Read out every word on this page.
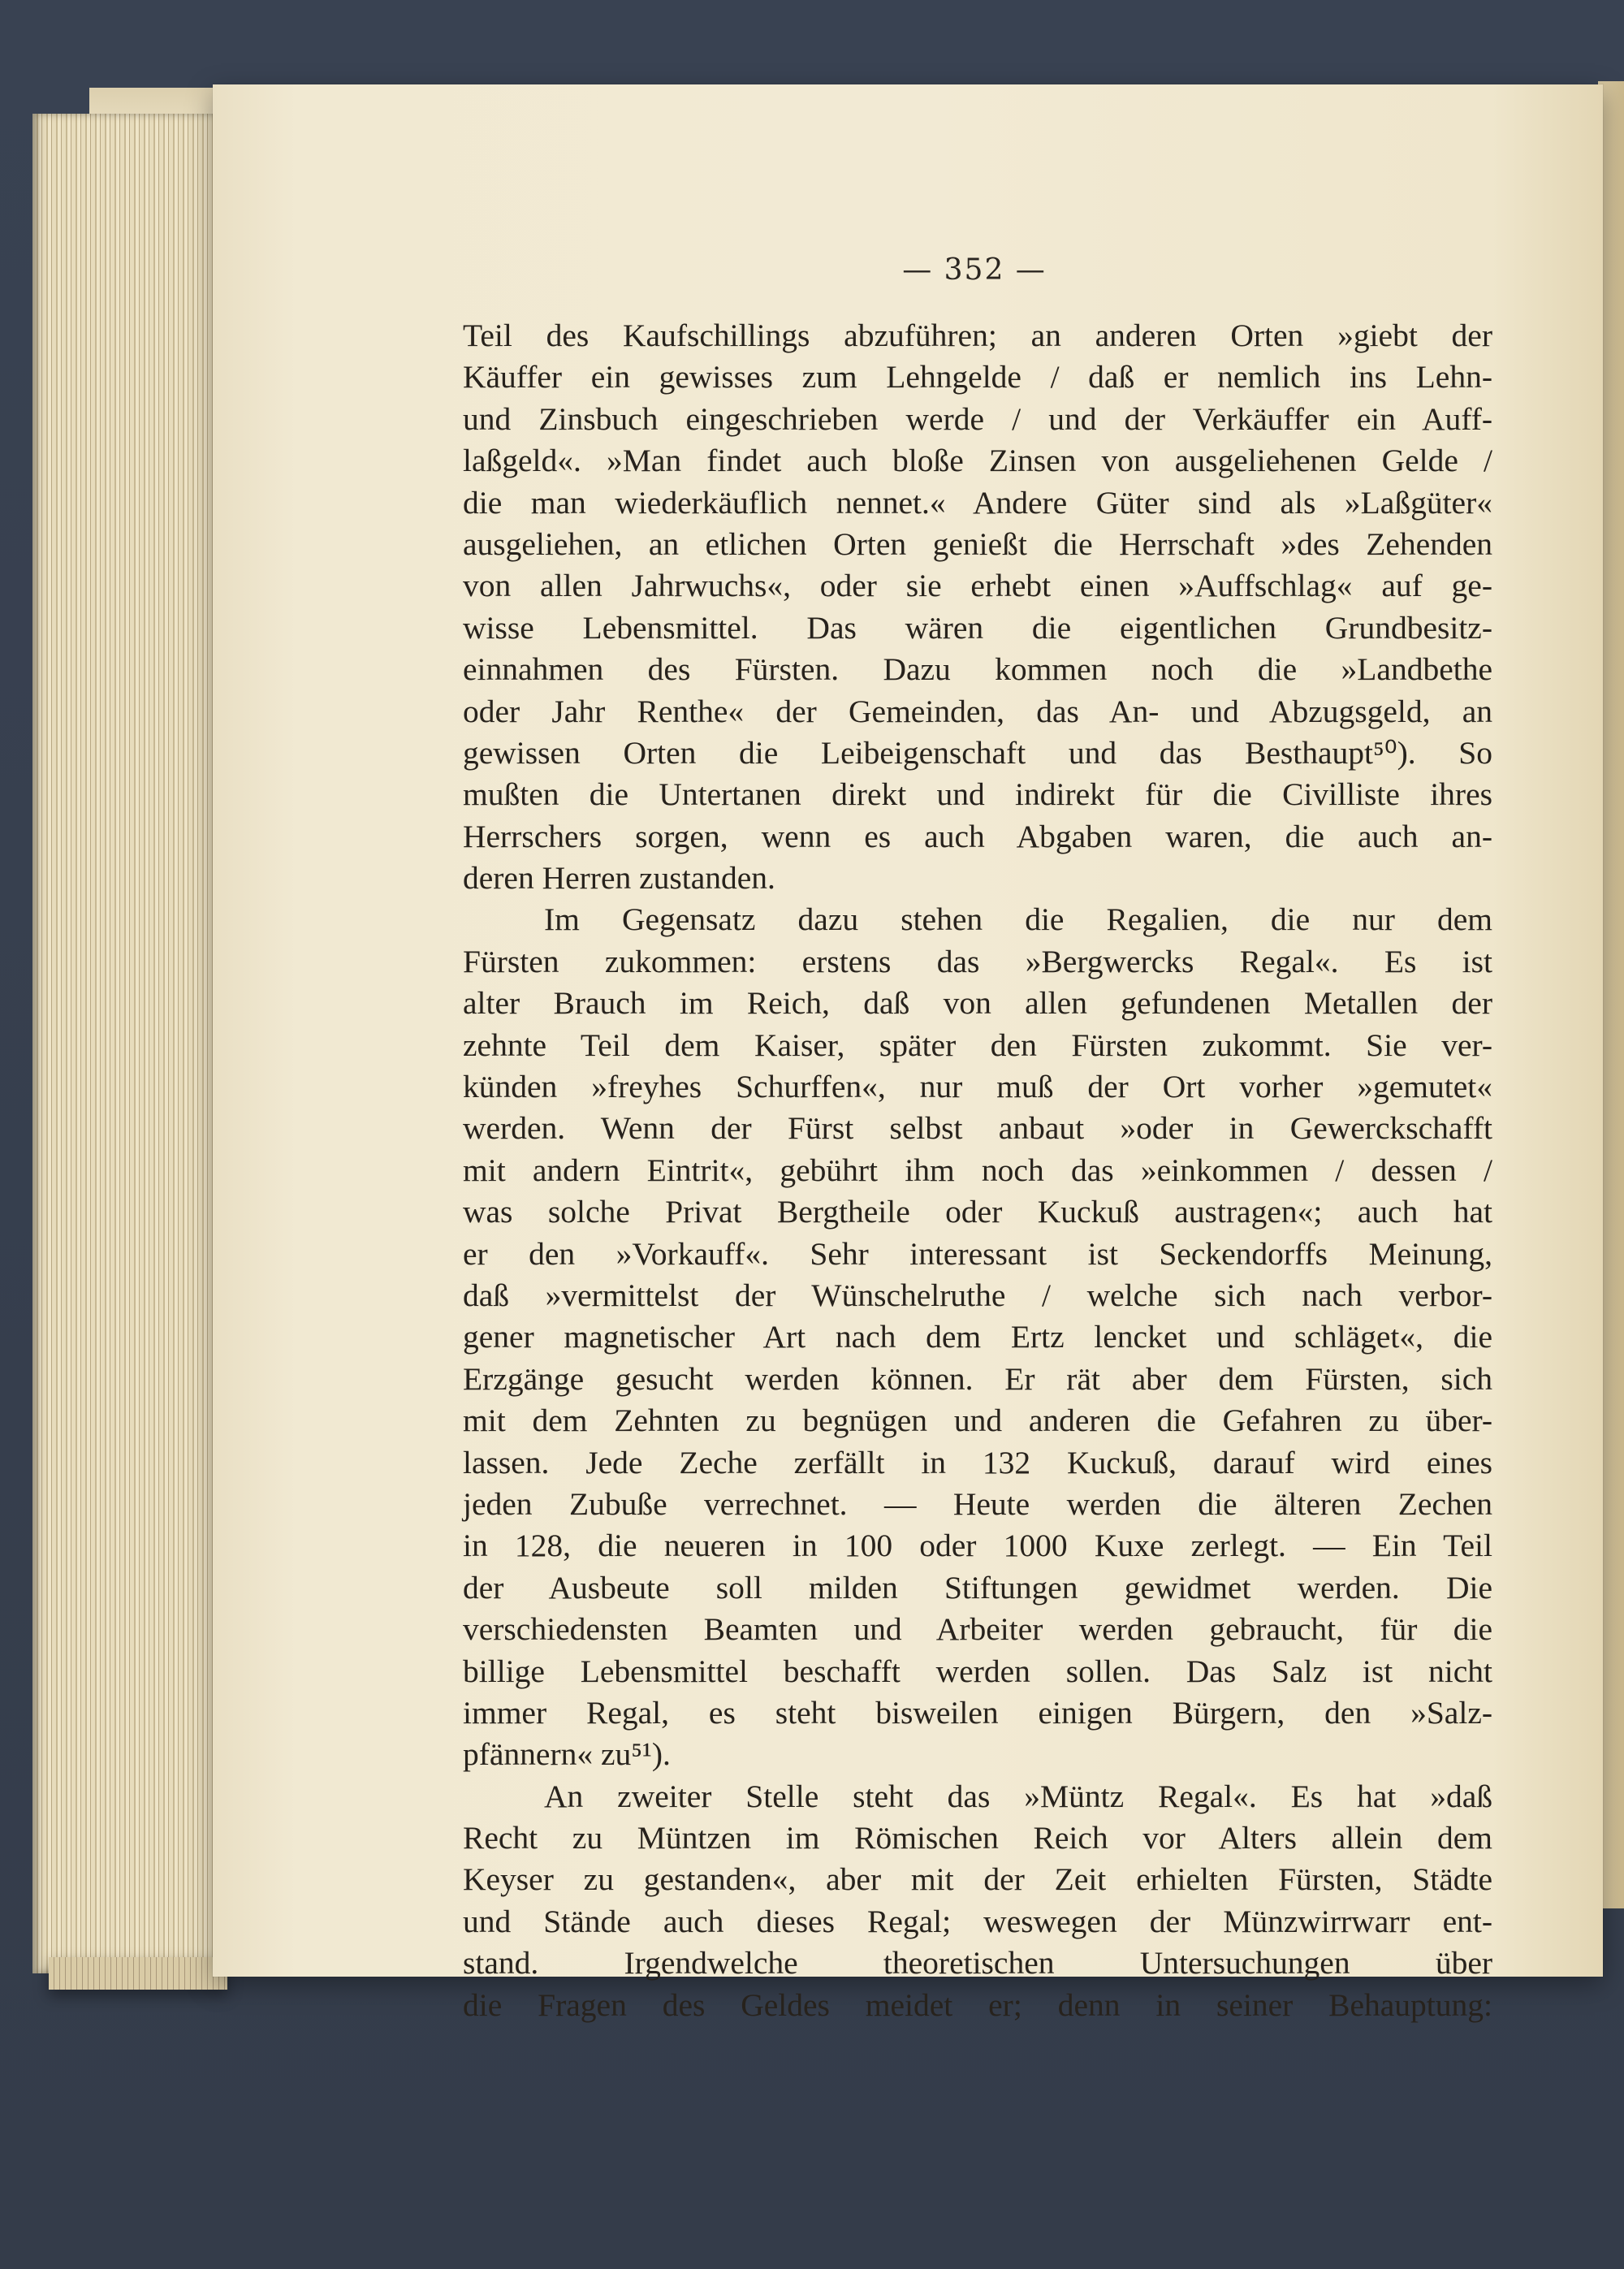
— 352 —
Teil des Kaufschillings abzuführen; an anderen Orten »giebt der
Käuffer ein gewisses zum Lehngelde / daß er nemlich ins Lehn-
und Zinsbuch eingeschrieben werde / und der Verkäuffer ein Auff-
laßgeld«. »Man findet auch bloße Zinsen von ausgeliehenen Gelde /
die man wiederkäuflich nennet.« Andere Güter sind als »Laßgüter«
ausgeliehen, an etlichen Orten genießt die Herrschaft »des Zehenden
von allen Jahrwuchs«, oder sie erhebt einen »Auffschlag« auf ge-
wisse Lebensmittel. Das wären die eigentlichen Grundbesitz-
einnahmen des Fürsten. Dazu kommen noch die »Landbethe
oder Jahr Renthe« der Gemeinden, das An- und Abzugsgeld, an
gewissen Orten die Leibeigenschaft und das Besthaupt⁵⁰). So
mußten die Untertanen direkt und indirekt für die Civilliste ihres
Herrschers sorgen, wenn es auch Abgaben waren, die auch an-
deren Herren zustanden.
Im Gegensatz dazu stehen die Regalien, die nur dem
Fürsten zukommen: erstens das »Bergwercks Regal«. Es ist
alter Brauch im Reich, daß von allen gefundenen Metallen der
zehnte Teil dem Kaiser, später den Fürsten zukommt. Sie ver-
künden »freyhes Schurffen«, nur muß der Ort vorher »gemutet«
werden. Wenn der Fürst selbst anbaut »oder in Gewerckschafft
mit andern Eintrit«, gebührt ihm noch das »einkommen / dessen /
was solche Privat Bergtheile oder Kuckuß austragen«; auch hat
er den »Vorkauff«. Sehr interessant ist Seckendorffs Meinung,
daß »vermittelst der Wünschelruthe / welche sich nach verbor-
gener magnetischer Art nach dem Ertz lencket und schläget«, die
Erzgänge gesucht werden können. Er rät aber dem Fürsten, sich
mit dem Zehnten zu begnügen und anderen die Gefahren zu über-
lassen. Jede Zeche zerfällt in 132 Kuckuß, darauf wird eines
jeden Zubuße verrechnet. — Heute werden die älteren Zechen
in 128, die neueren in 100 oder 1000 Kuxe zerlegt. — Ein Teil
der Ausbeute soll milden Stiftungen gewidmet werden. Die
verschiedensten Beamten und Arbeiter werden gebraucht, für die
billige Lebensmittel beschafft werden sollen. Das Salz ist nicht
immer Regal, es steht bisweilen einigen Bürgern, den »Salz-
pfännern« zu⁵¹).
An zweiter Stelle steht das »Müntz Regal«. Es hat »daß
Recht zu Müntzen im Römischen Reich vor Alters allein dem
Keyser zu gestanden«, aber mit der Zeit erhielten Fürsten, Städte
und Stände auch dieses Regal; weswegen der Münzwirrwarr ent-
stand. Irgendwelche theoretischen Untersuchungen über
die Fragen des Geldes meidet er; denn in seiner Behauptung:
